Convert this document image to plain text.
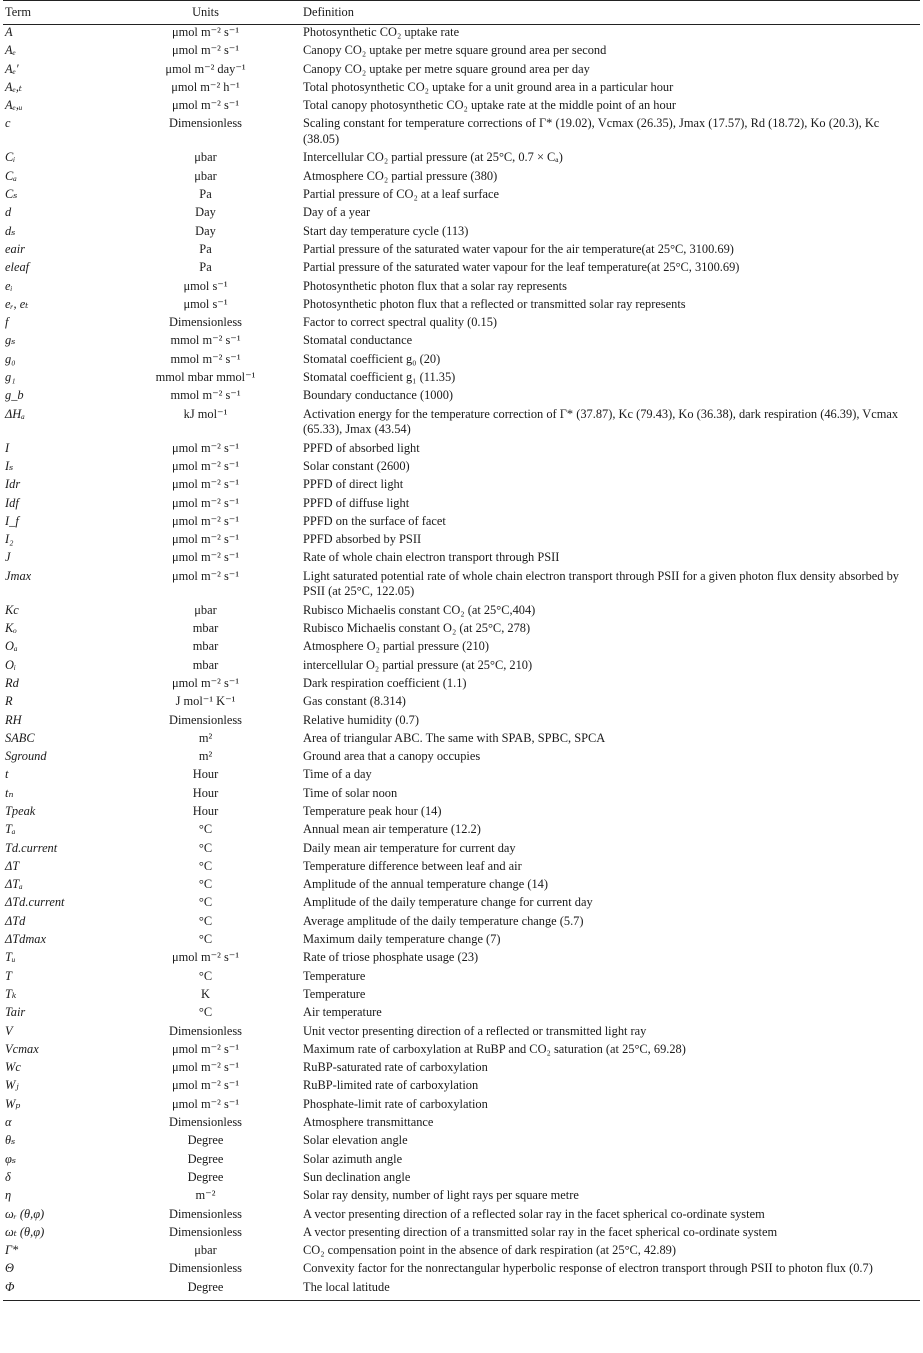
Term	Units	Definition
A	μmol m⁻² s⁻¹	Photosynthetic CO₂ uptake rate
Aₑ	μmol m⁻² s⁻¹	Canopy CO₂ uptake per metre square ground area per second
Aₑ′	μmol m⁻² day⁻¹	Canopy CO₂ uptake per metre square ground area per day
Aₑ,ₜ	μmol m⁻² h⁻¹	Total photosynthetic CO₂ uptake for a unit ground area in a particular hour
Aₑ,ᵤ	μmol m⁻² s⁻¹	Total canopy photosynthetic CO₂ uptake rate at the middle point of an hour
c	Dimensionless	Scaling constant for temperature corrections of Γ* (19.02), Vcmax (26.35), Jmax (17.57), Rd (18.72), Ko (20.3), Kc (38.05)
Cᵢ	μbar	Intercellular CO₂ partial pressure (at 25°C, 0.7 × Cₐ)
Cₐ	μbar	Atmosphere CO₂ partial pressure (380)
Cₛ	Pa	Partial pressure of CO₂ at a leaf surface
d	Day	Day of a year
dₛ	Day	Start day temperature cycle (113)
eair	Pa	Partial pressure of the saturated water vapour for the air temperature(at 25°C, 3100.69)
eleaf	Pa	Partial pressure of the saturated water vapour for the leaf temperature(at 25°C, 3100.69)
eᵢ	μmol s⁻¹	Photosynthetic photon flux that a solar ray represents
eᵣ, eₜ	μmol s⁻¹	Photosynthetic photon flux that a reflected or transmitted solar ray represents
f	Dimensionless	Factor to correct spectral quality (0.15)
gₛ	mmol m⁻² s⁻¹	Stomatal conductance
g₀	mmol m⁻² s⁻¹	Stomatal coefficient g₀ (20)
g₁	mmol mbar mmol⁻¹	Stomatal coefficient g₁ (11.35)
g_b	mmol m⁻² s⁻¹	Boundary conductance (1000)
ΔHₐ	kJ mol⁻¹	Activation energy for the temperature correction of Γ* (37.87), Kc (79.43), Ko (36.38), dark respiration (46.39), Vcmax (65.33), Jmax (43.54)
I	μmol m⁻² s⁻¹	PPFD of absorbed light
Iₛ	μmol m⁻² s⁻¹	Solar constant (2600)
Idr	μmol m⁻² s⁻¹	PPFD of direct light
Idf	μmol m⁻² s⁻¹	PPFD of diffuse light
I_f	μmol m⁻² s⁻¹	PPFD on the surface of facet
I₂	μmol m⁻² s⁻¹	PPFD absorbed by PSII
J	μmol m⁻² s⁻¹	Rate of whole chain electron transport through PSII
Jmax	μmol m⁻² s⁻¹	Light saturated potential rate of whole chain electron transport through PSII for a given photon flux density absorbed by PSII (at 25°C, 122.05)
Kc	μbar	Rubisco Michaelis constant CO₂ (at 25°C,404)
Kₒ	mbar	Rubisco Michaelis constant O₂ (at 25°C, 278)
Oₐ	mbar	Atmosphere O₂ partial pressure (210)
Oᵢ	mbar	intercellular O₂ partial pressure (at 25°C, 210)
Rd	μmol m⁻² s⁻¹	Dark respiration coefficient (1.1)
R	J mol⁻¹ K⁻¹	Gas constant (8.314)
RH	Dimensionless	Relative humidity (0.7)
SABC	m²	Area of triangular ABC. The same with SPAB, SPBC, SPCA
Sground	m²	Ground area that a canopy occupies
t	Hour	Time of a day
tₙ	Hour	Time of solar noon
Tpeak	Hour	Temperature peak hour (14)
Tₐ	°C	Annual mean air temperature (12.2)
Td.current	°C	Daily mean air temperature for current day
ΔT	°C	Temperature difference between leaf and air
ΔTₐ	°C	Amplitude of the annual temperature change (14)
ΔTd.current	°C	Amplitude of the daily temperature change for current day
ΔTd	°C	Average amplitude of the daily temperature change (5.7)
ΔTdmax	°C	Maximum daily temperature change (7)
Tᵤ	μmol m⁻² s⁻¹	Rate of triose phosphate usage (23)
T	°C	Temperature
Tₖ	K	Temperature
Tair	°C	Air temperature
V	Dimensionless	Unit vector presenting direction of a reflected or transmitted light ray
Vcmax	μmol m⁻² s⁻¹	Maximum rate of carboxylation at RuBP and CO₂ saturation (at 25°C, 69.28)
Wc	μmol m⁻² s⁻¹	RuBP-saturated rate of carboxylation
Wⱼ	μmol m⁻² s⁻¹	RuBP-limited rate of carboxylation
Wₚ	μmol m⁻² s⁻¹	Phosphate-limit rate of carboxylation
α	Dimensionless	Atmosphere transmittance
θₛ	Degree	Solar elevation angle
φₛ	Degree	Solar azimuth angle
δ	Degree	Sun declination angle
η	m⁻²	Solar ray density, number of light rays per square metre
ωᵣ (θ,φ)	Dimensionless	A vector presenting direction of a reflected solar ray in the facet spherical co-ordinate system
ωₜ (θ,φ)	Dimensionless	A vector presenting direction of a transmitted solar ray in the facet spherical co-ordinate system
Γ*	μbar	CO₂ compensation point in the absence of dark respiration (at 25°C, 42.89)
Θ	Dimensionless	Convexity factor for the nonrectangular hyperbolic response of electron transport through PSII to photon flux (0.7)
Φ	Degree	The local latitude
